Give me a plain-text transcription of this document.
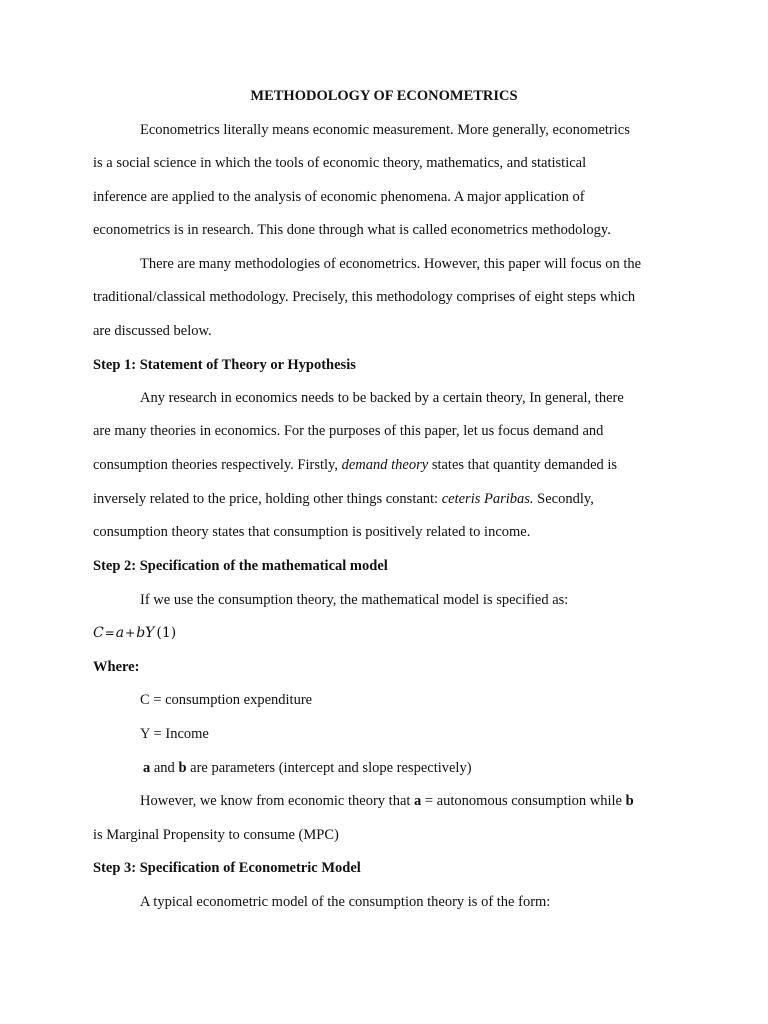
METHODOLOGY OF ECONOMETRICS
Econometrics literally means economic measurement. More generally, econometrics
is a social science in which the tools of economic theory, mathematics, and statistical
inference are applied to the analysis of economic phenomena. A major application of
econometrics is in research. This done through what is called econometrics methodology.
There are many methodologies of econometrics. However, this paper will focus on the
traditional/classical methodology. Precisely, this methodology comprises of eight steps which
are discussed below.
Step 1: Statement of Theory or Hypothesis
Any research in economics needs to be backed by a certain theory, In general, there
are many theories in economics. For the purposes of this paper, let us focus demand and
consumption theories respectively. Firstly, demand theory states that quantity demanded is
inversely related to the price, holding other things constant: ceteris Paribas. Secondly,
consumption theory states that consumption is positively related to income.
Step 2: Specification of the mathematical model
If we use the consumption theory, the mathematical model is specified as:
C=a+bY (1)
Where:
C = consumption expenditure
Y = Income
a and b are parameters (intercept and slope respectively)
However, we know from economic theory that a = autonomous consumption while b
is Marginal Propensity to consume (MPC)
Step 3: Specification of Econometric Model
A typical econometric model of the consumption theory is of the form:
